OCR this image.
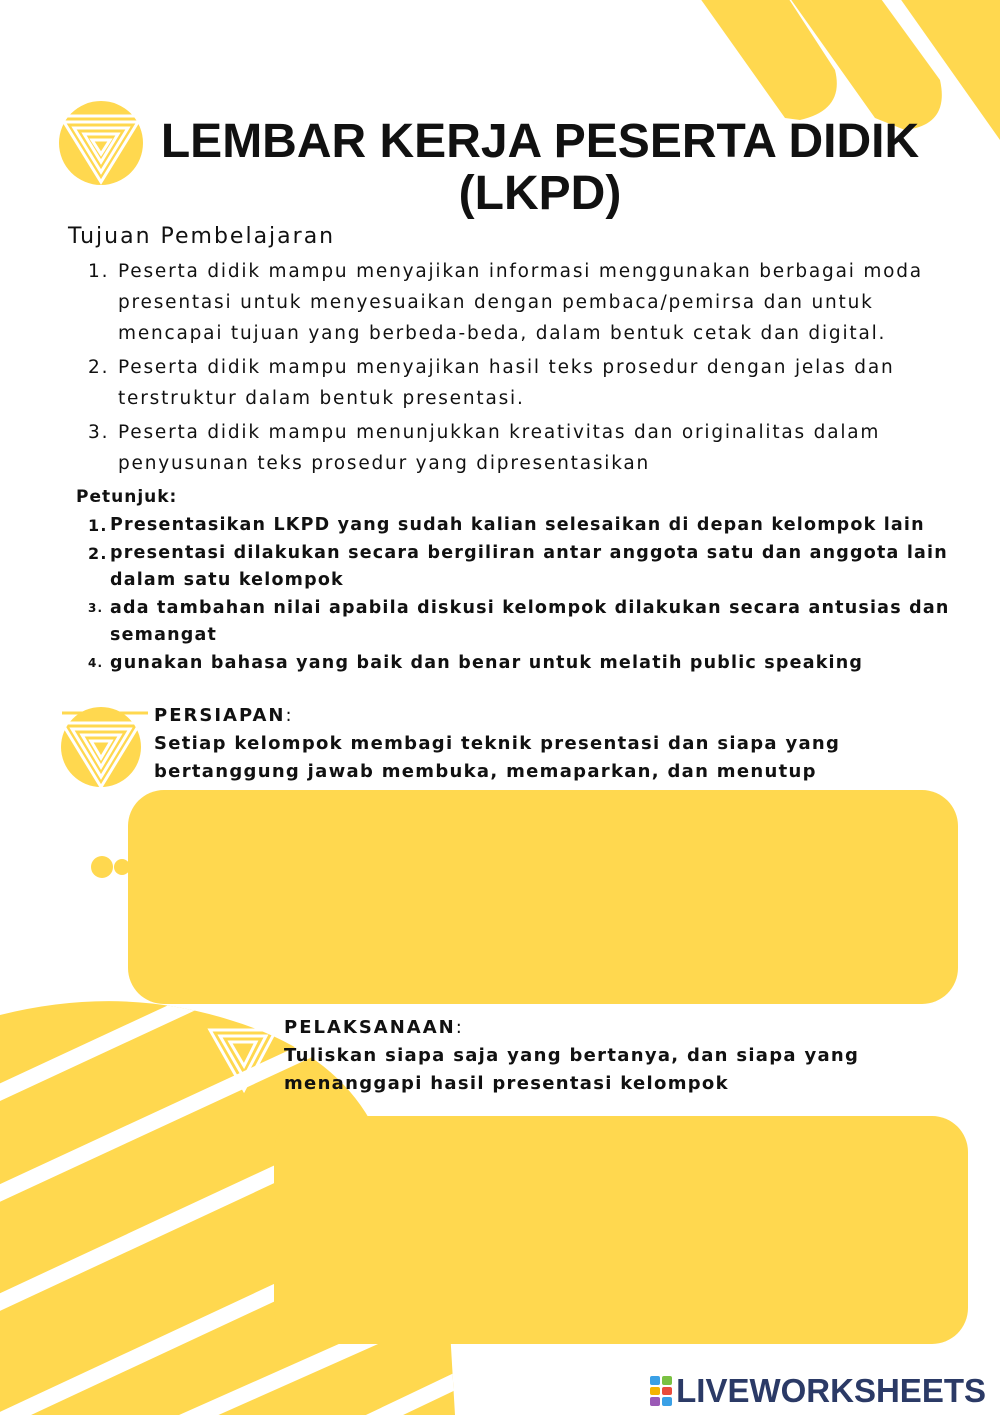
LEMBAR KERJA PESERTA DIDIK
(LKPD)
Tujuan Pembelajaran
1. Peserta didik mampu menyajikan informasi menggunakan berbagai moda presentasi untuk menyesuaikan dengan pembaca/pemirsa dan untuk mencapai tujuan yang berbeda-beda, dalam bentuk cetak dan digital.
2. Peserta didik mampu menyajikan hasil teks prosedur dengan jelas dan terstruktur dalam bentuk presentasi.
3. Peserta didik mampu menunjukkan kreativitas dan originalitas dalam penyusunan teks prosedur yang dipresentasikan
Petunjuk:
1. Presentasikan LKPD yang sudah kalian selesaikan di depan kelompok lain
2. presentasi dilakukan secara bergiliran antar anggota satu dan anggota lain dalam satu kelompok
3. ada tambahan nilai apabila diskusi kelompok dilakukan secara antusias dan semangat
4. gunakan bahasa yang baik dan benar untuk melatih public speaking
PERSIAPAN:
Setiap kelompok membagi teknik presentasi dan siapa yang bertanggung jawab membuka, memaparkan, dan menutup
PELAKSANAAN:
Tuliskan siapa saja yang bertanya, dan siapa yang menanggapi hasil presentasi kelompok
LIVEWORKSHEETS
